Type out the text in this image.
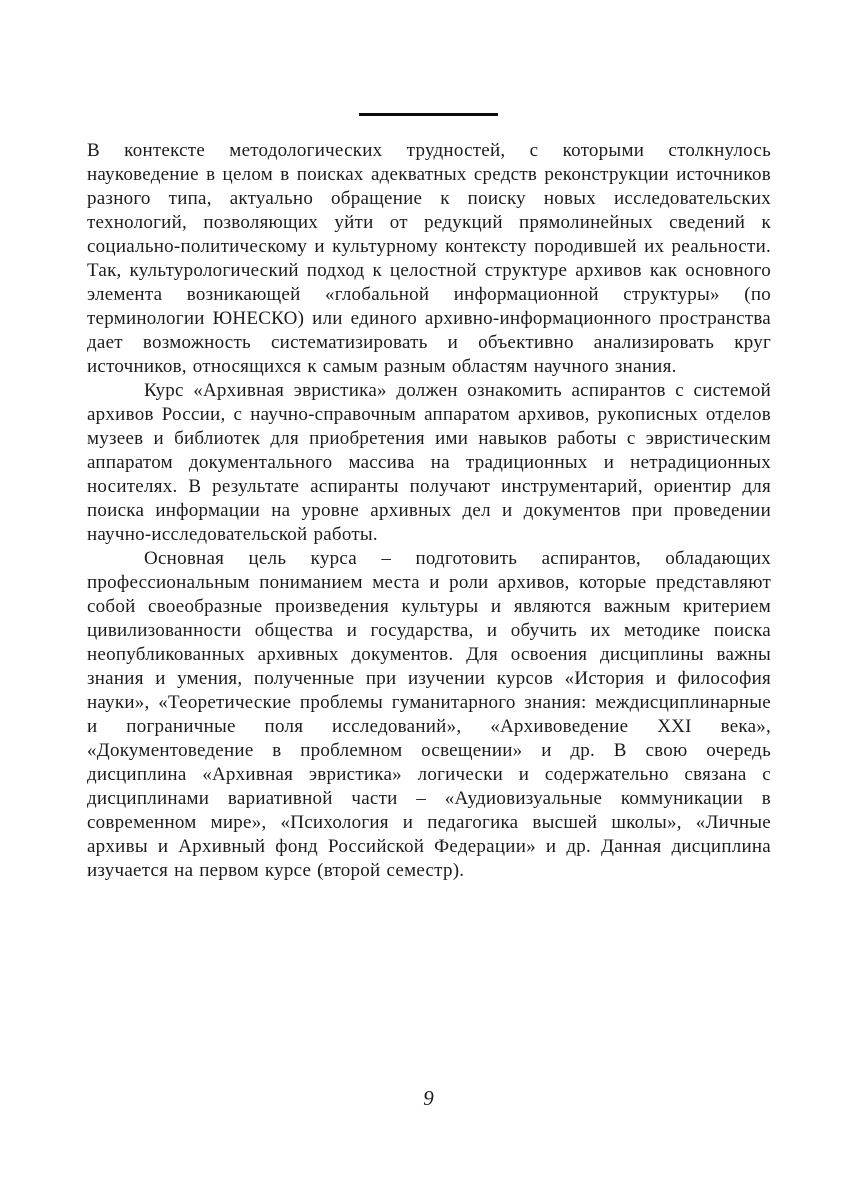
В контексте методологических трудностей, с которыми столкнулось науковедение в целом в поисках адекватных средств реконструкции источников разного типа, актуально обращение к поиску новых исследовательских технологий, позволяющих уйти от редукций прямолинейных сведений к социально-политическому и культурному контексту породившей их реальности. Так, культурологический подход к целостной структуре архивов как основного элемента возникающей «глобальной информационной структуры» (по терминологии ЮНЕСКО) или единого архивно-информационного пространства дает возможность систематизировать и объективно анализировать круг источников, относящихся к самым разным областям научного знания.

Курс «Архивная эвристика» должен ознакомить аспирантов с системой архивов России, с научно-справочным аппаратом архивов, рукописных отделов музеев и библиотек для приобретения ими навыков работы с эвристическим аппаратом документального массива на традиционных и нетрадиционных носителях. В результате аспиранты получают инструментарий, ориентир для поиска информации на уровне архивных дел и документов при проведении научно-исследовательской работы.

Основная цель курса – подготовить аспирантов, обладающих профессиональным пониманием места и роли архивов, которые представляют собой своеобразные произведения культуры и являются важным критерием цивилизованности общества и государства, и обучить их методике поиска неопубликованных архивных документов. Для освоения дисциплины важны знания и умения, полученные при изучении курсов «История и философия науки», «Теоретические проблемы гуманитарного знания: междисциплинарные и пограничные поля исследований», «Архивоведение XXI века», «Документоведение в проблемном освещении» и др. В свою очередь дисциплина «Архивная эвристика» логически и содержательно связана с дисциплинами вариативной части – «Аудиовизуальные коммуникации в современном мире», «Психология и педагогика высшей школы», «Личные архивы и Архивный фонд Российской Федерации» и др. Данная дисциплина изучается на первом курсе (второй семестр).

9
